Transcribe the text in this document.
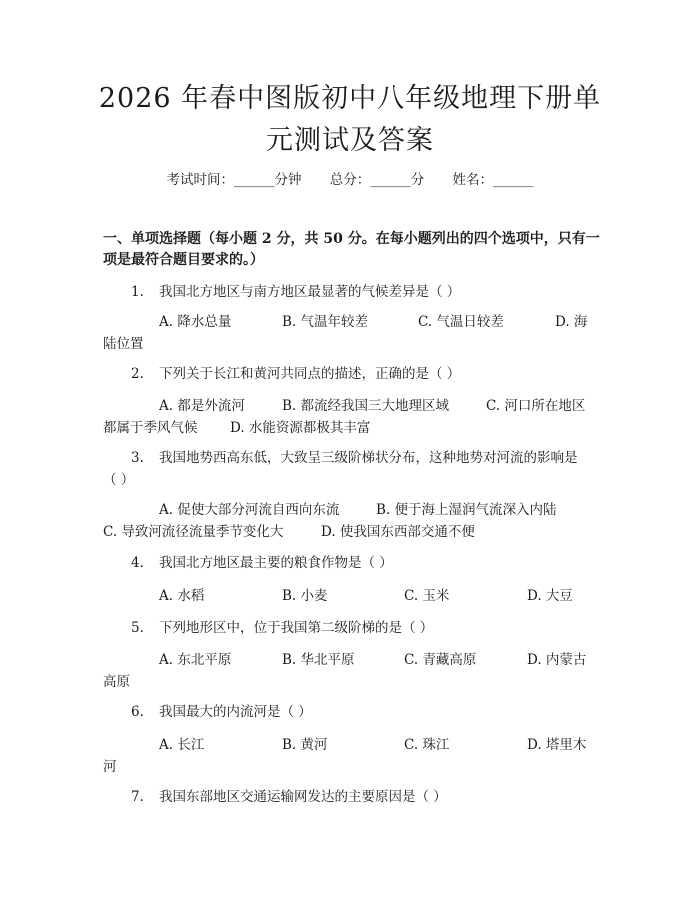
2026 年春中图版初中八年级地理下册单元测试及答案
考试时间：______分钟 总分：______分 姓名：______
一、单项选择题（每小题 2 分，共 50 分。在每小题列出的四个选项中，只有一项是最符合题目要求的。）
1. 我国北方地区与南方地区最显著的气候差异是（ ）
A. 降水总量	B. 气温年较差	C. 气温日较差	D. 海
陆位置
2. 下列关于长江和黄河共同点的描述，正确的是（ ）
A. 都是外流河	B. 都流经我国三大地理区域	C. 河口所在地区
都属于季风气候 D. 水能资源都极其丰富
3. 我国地势西高东低，大致呈三级阶梯状分布，这种地势对河流的影响是
（ ）
A. 促使大部分河流自西向东流	B. 便于海上湿润气流深入内陆
C. 导致河流径流量季节变化大	D. 使我国东西部交通不便
4. 我国北方地区最主要的粮食作物是（ ）
A. 水稻	B. 小麦	C. 玉米	D. 大豆
5. 下列地形区中，位于我国第二级阶梯的是（ ）
A. 东北平原	B. 华北平原	C. 青藏高原	D. 内蒙古
高原
6. 我国最大的内流河是（ ）
A. 长江	B. 黄河	C. 珠江	D. 塔里木
河
7. 我国东部地区交通运输网发达的主要原因是（ ）
